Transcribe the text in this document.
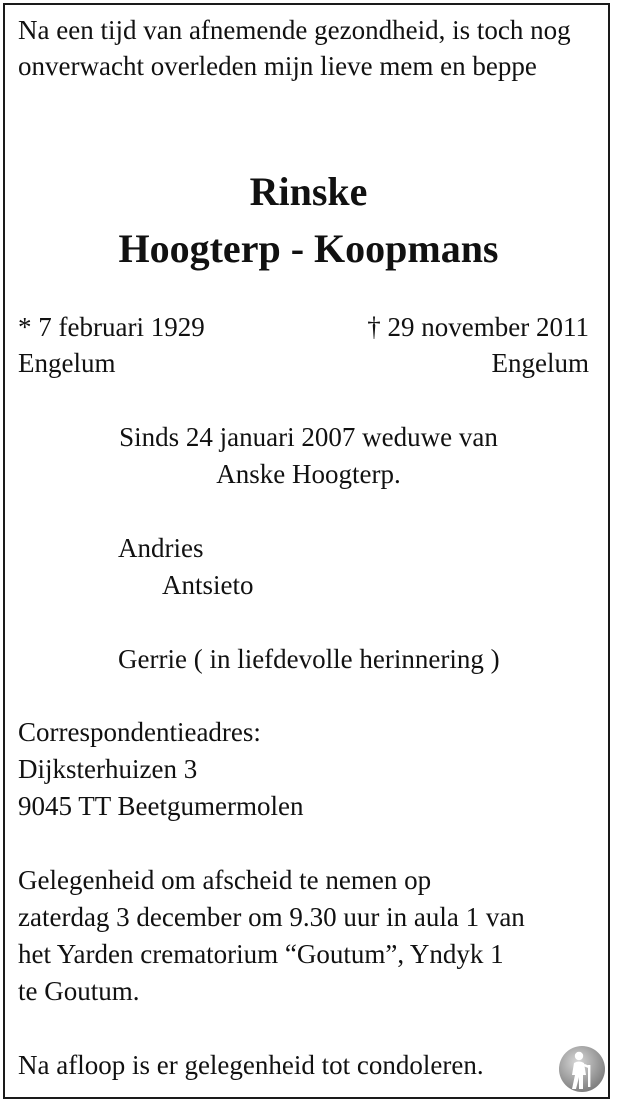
Na een tijd van afnemende gezondheid, is toch nog onverwacht overleden mijn lieve mem en beppe

Rinske
Hoogterp - Koopmans
* 7 februari 1929	† 29 november 2011
Engelum	Engelum
Sinds 24 januari 2007 weduwe van
Anske Hoogterp.
Andries
Antsieto
Gerrie ( in liefdevolle herinnering )
Correspondentieadres:
Dijksterhuizen 3
9045 TT Beetgumermolen
Gelegenheid om afscheid te nemen op
zaterdag 3 december om 9.30 uur in aula 1 van
het Yarden crematorium “Goutum”, Yndyk 1
te Goutum.
Na afloop is er gelegenheid tot condoleren.
